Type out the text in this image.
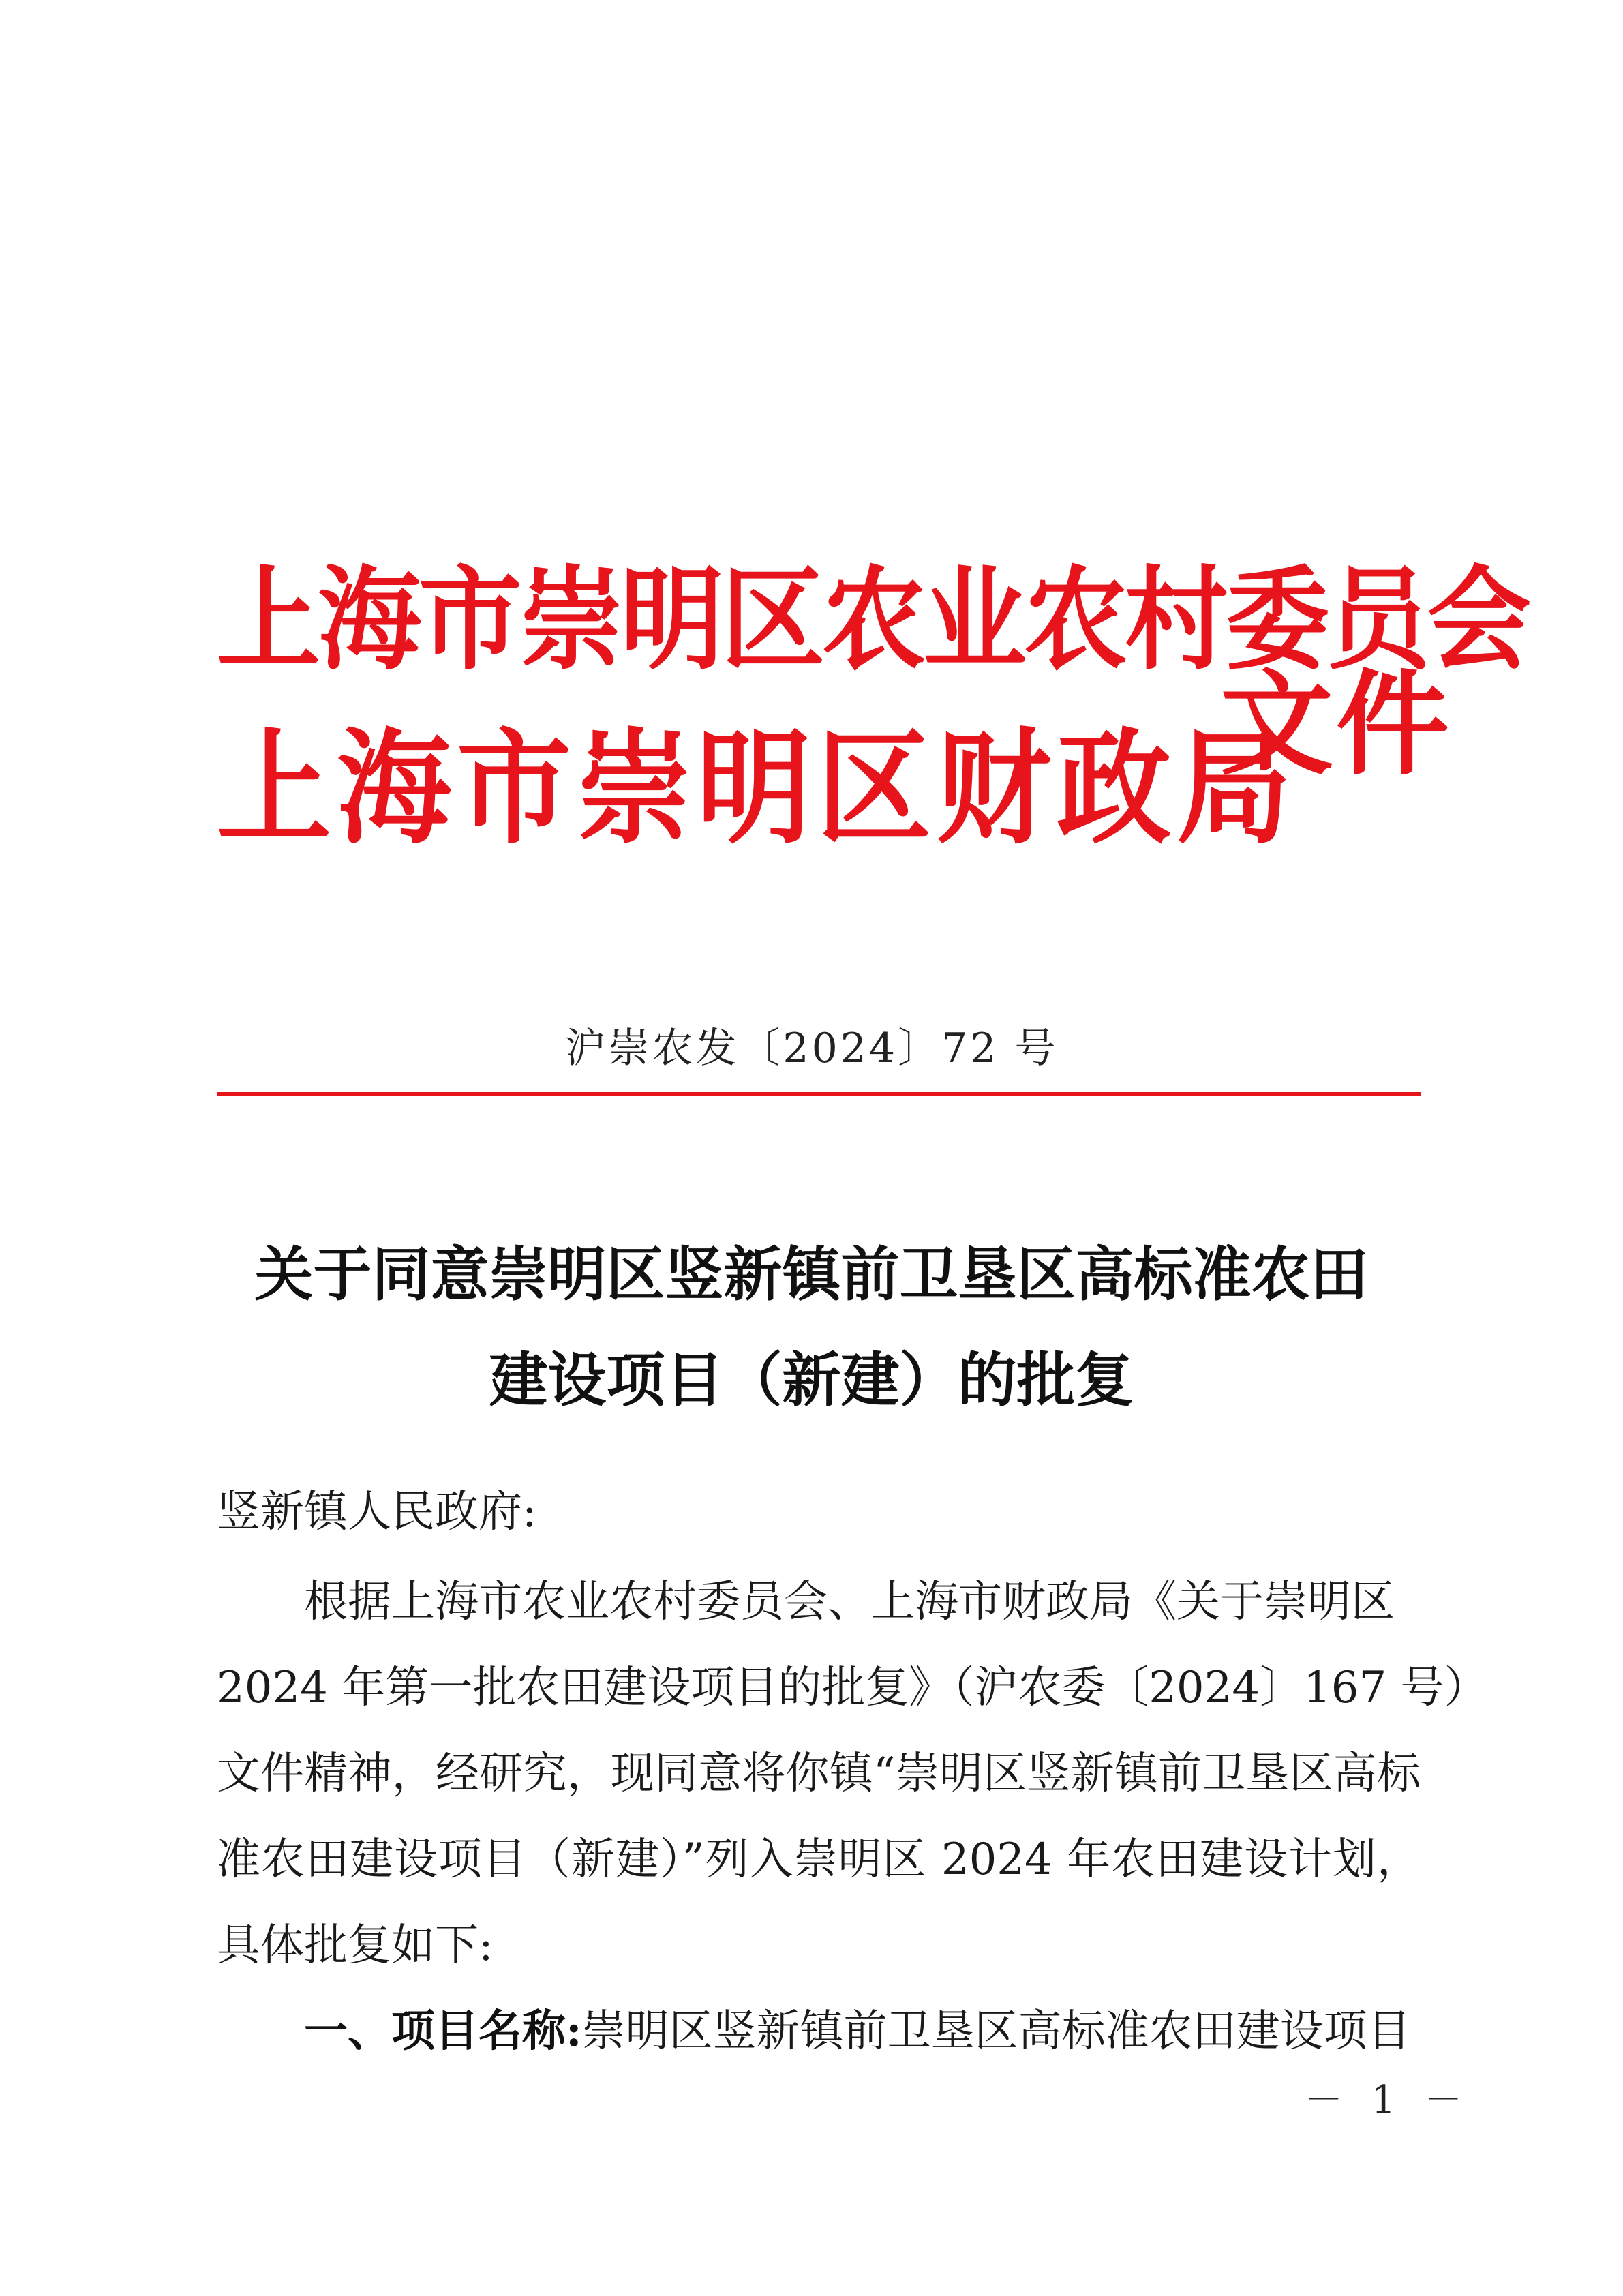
上海市崇明区农业农村委员会
上海市崇明区财政局
文件
沪崇农发〔2024〕72 号
关于同意崇明区竖新镇前卫垦区高标准农田
建设项目（新建）的批复
竖新镇人民政府:
根据上海市农业农村委员会、上海市财政局《关于崇明区
2024 年第一批农田建设项目的批复》（沪农委〔2024〕167 号）
文件精神，经研究，现同意将你镇“崇明区竖新镇前卫垦区高标
准农田建设项目（新建）”列入崇明区 2024 年农田建设计划，
具体批复如下:
一、项目名称:崇明区竖新镇前卫垦区高标准农田建设项目
－ 1 －
